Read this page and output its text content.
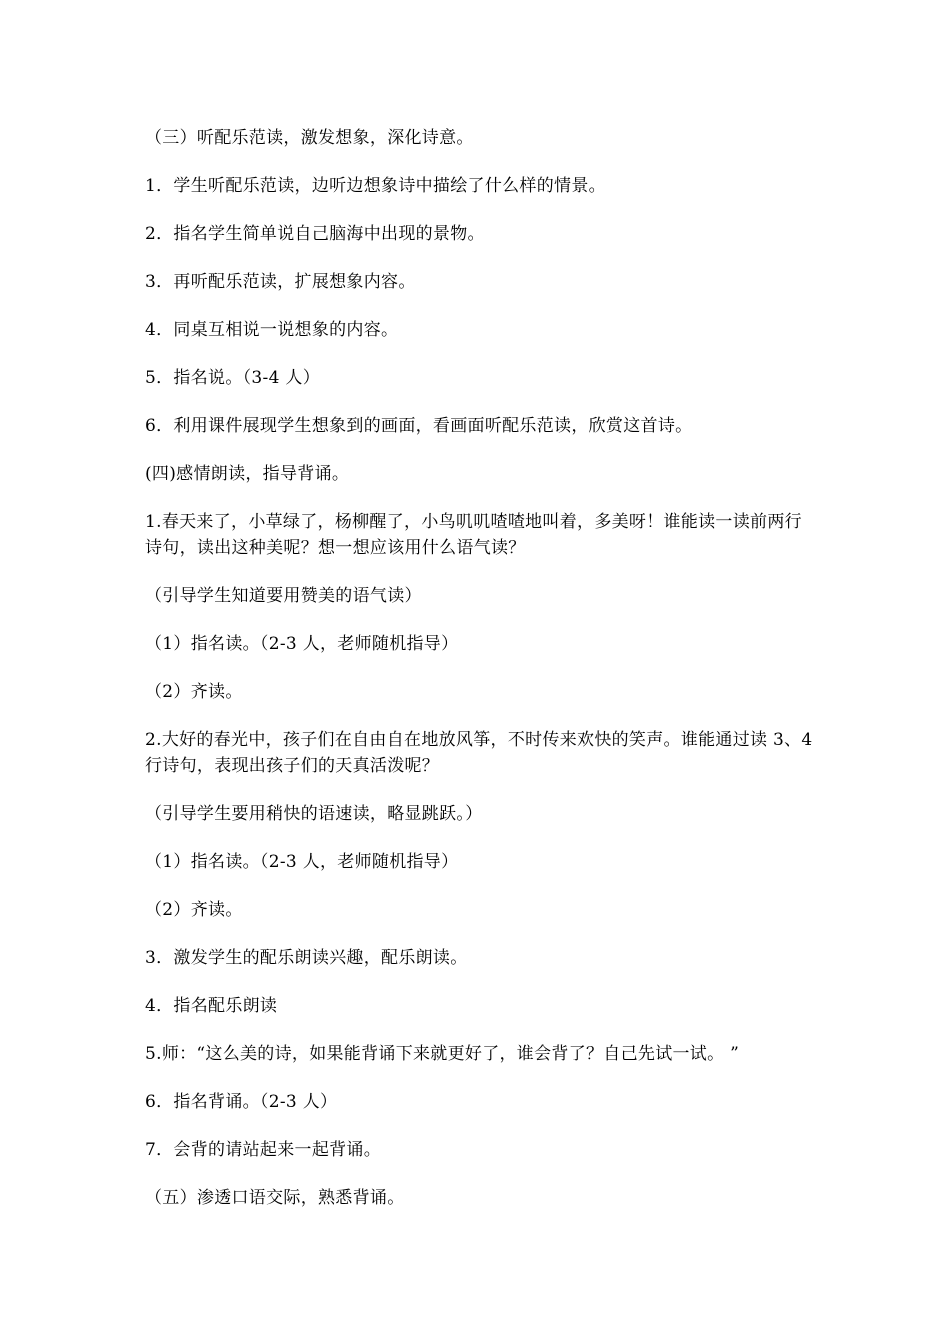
（三）听配乐范读，激发想象，深化诗意。

1．学生听配乐范读，边听边想象诗中描绘了什么样的情景。

2．指名学生简单说自己脑海中出现的景物。

3．再听配乐范读，扩展想象内容。

4．同桌互相说一说想象的内容。

5．指名说。（3-4 人）

6．利用课件展现学生想象到的画面，看画面听配乐范读，欣赏这首诗。

(四)感情朗读，指导背诵。

1.春天来了，小草绿了，杨柳醒了，小鸟叽叽喳喳地叫着，多美呀！谁能读一读前两行诗句，读出这种美呢？想一想应该用什么语气读？

（引导学生知道要用赞美的语气读）

（1）指名读。（2-3 人，老师随机指导）

（2）齐读。

2.大好的春光中，孩子们在自由自在地放风筝，不时传来欢快的笑声。谁能通过读 3、4 行诗句，表现出孩子们的天真活泼呢？

（引导学生要用稍快的语速读，略显跳跃。）

（1）指名读。（2-3 人，老师随机指导）

（2）齐读。

3．激发学生的配乐朗读兴趣，配乐朗读。

4．指名配乐朗读

5.师：“这么美的诗，如果能背诵下来就更好了，谁会背了？自己先试一试。 ”

6．指名背诵。（2-3 人）

7．会背的请站起来一起背诵。

（五）渗透口语交际，熟悉背诵。
